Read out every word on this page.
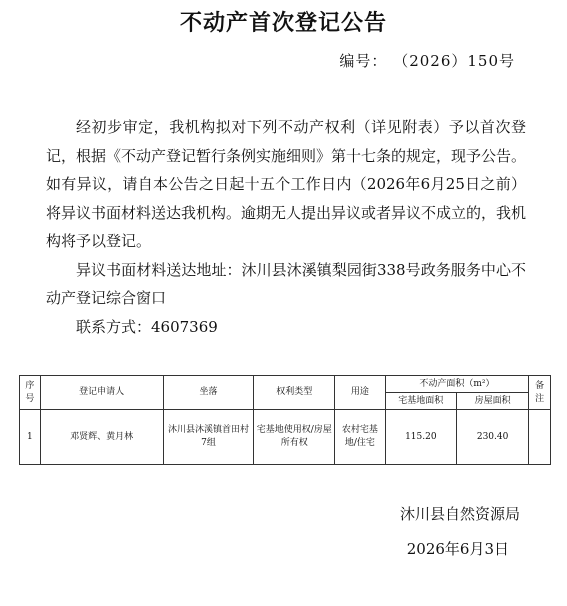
不动产首次登记公告
编号： （2026）150号

经初步审定，我机构拟对下列不动产权利（详见附表）予以首次登记，根据《不动产登记暂行条例实施细则》第十七条的规定，现予公告。如有异议，请自本公告之日起十五个工作日内（2026年6月25日之前）将异议书面材料送达我机构。逾期无人提出异议或者异议不成立的，我机构将予以登记。

异议书面材料送达地址：沐川县沐溪镇梨园街338号政务服务中心不动产登记综合窗口

联系方式：4607369

序号	登记申请人	坐落	权利类型	用途	不动产面积（m²）		备注
					宅基地面积	房屋面积	
1	邓贤辉、黄月林	沐川县沐溪镇首田村7组	宅基地使用权/房屋所有权	农村宅基地/住宅	115.20	230.40	
沐川县自然资源局
2026年6月3日
